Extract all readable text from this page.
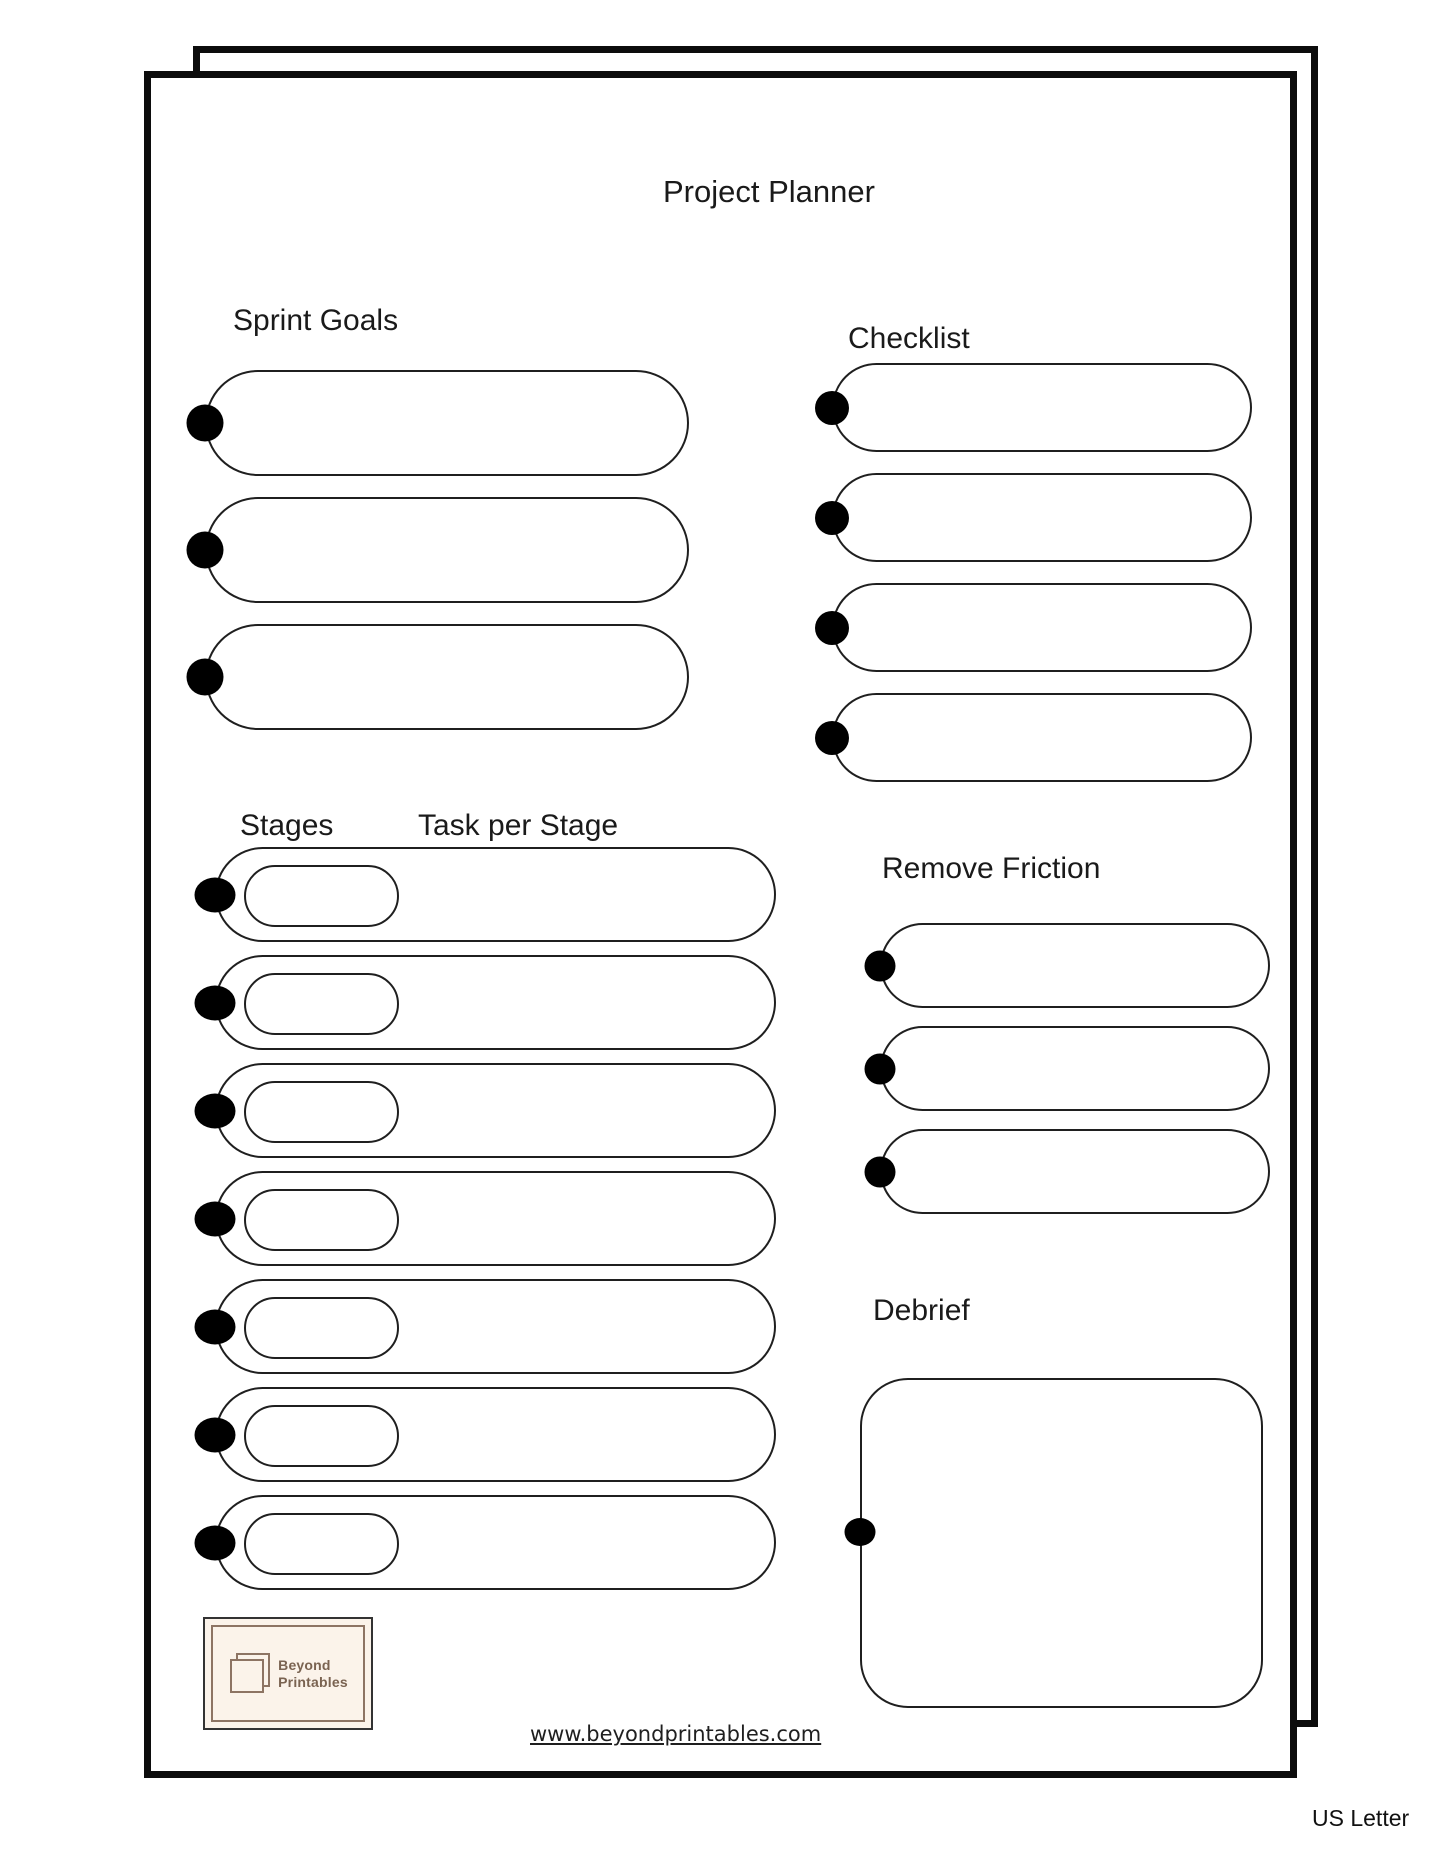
Project Planner
Sprint Goals
Checklist
Stages	Task per Stage
Remove Friction
Debrief
Beyond
Printables
www.beyondprintables.com
US Letter
